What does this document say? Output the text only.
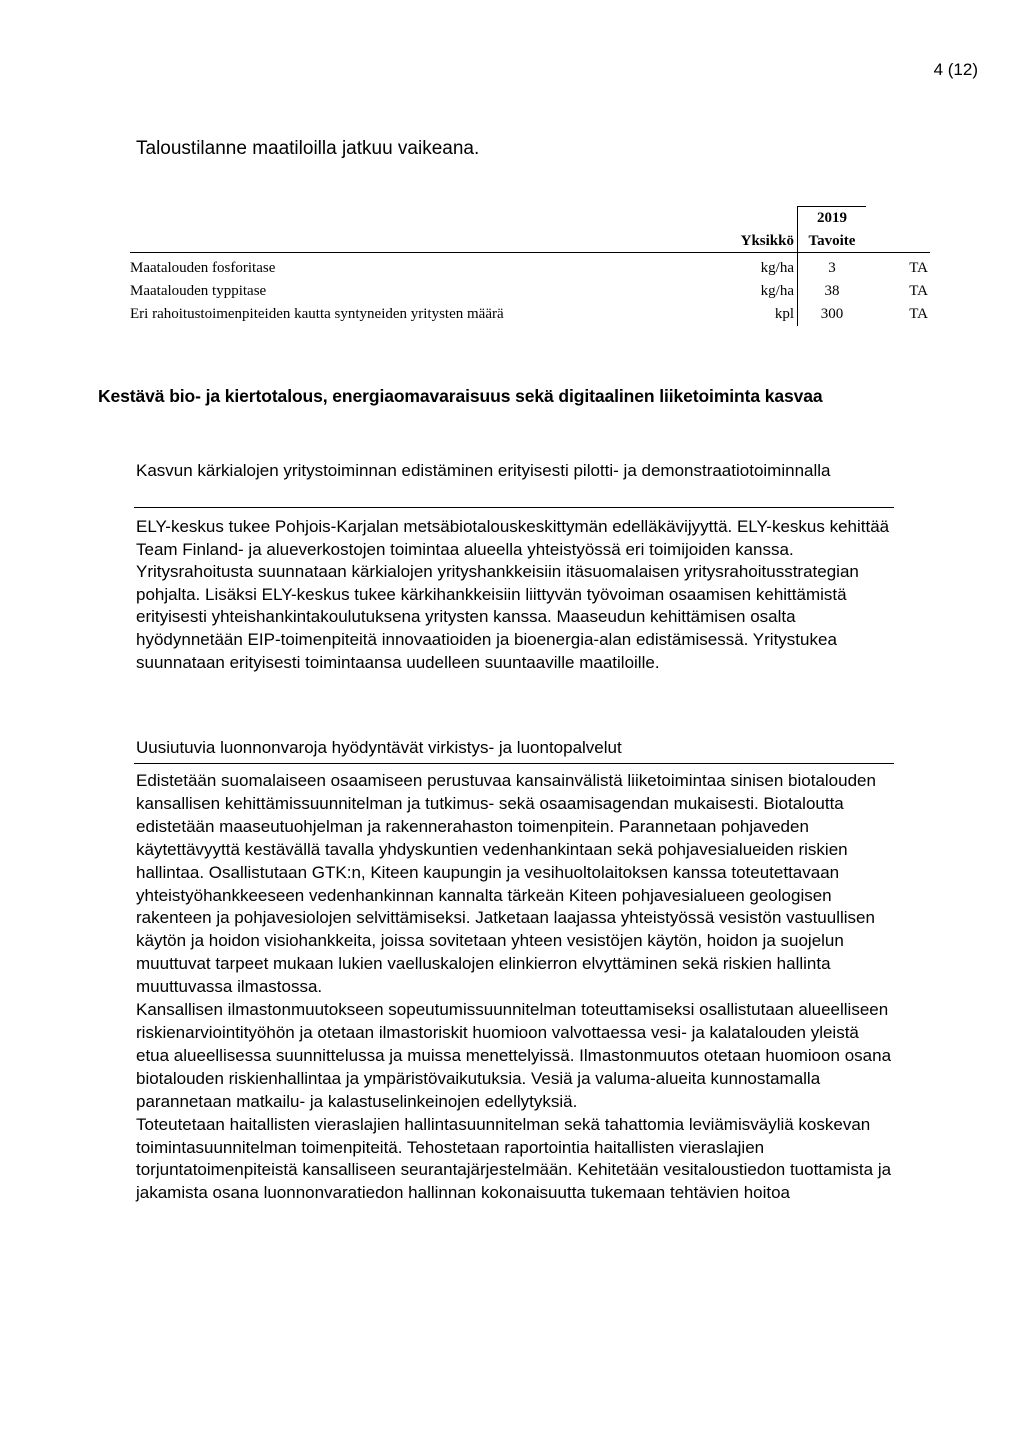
4 (12)
Taloustilanne maatiloilla jatkuu vaikeana.
		2019	
	Yksikkö	Tavoite	
Maatalouden fosforitase	kg/ha	3	TA
Maatalouden typpitase	kg/ha	38	TA
Eri rahoitustoimenpiteiden kautta syntyneiden yritysten määrä	kpl	300	TA
Kestävä bio- ja kiertotalous, energiaomavaraisuus sekä digitaalinen liiketoiminta kasvaa
Kasvun kärkialojen yritystoiminnan edistäminen erityisesti pilotti- ja demonstraatiotoiminnalla
ELY-keskus tukee Pohjois-Karjalan metsäbiotalouskeskittymän edelläkävijyyttä. ELY-keskus kehittää Team Finland- ja alueverkostojen toimintaa alueella yhteistyössä eri toimijoiden kanssa. Yritysrahoitusta suunnataan kärkialojen yrityshankkeisiin itäsuomalaisen yritysrahoitusstrategian pohjalta. Lisäksi ELY-keskus tukee kärkihankkeisiin liittyvän työvoiman osaamisen kehittämistä erityisesti yhteishankintakoulutuksena yritysten kanssa. Maaseudun kehittämisen osalta hyödynnetään EIP-toimenpiteitä innovaatioiden ja bioenergia-alan edistämisessä. Yritystukea suunnataan erityisesti toimintaansa uudelleen suuntaaville maatiloille.
Uusiutuvia luonnonvaroja hyödyntävät virkistys- ja luontopalvelut

Edistetään suomalaiseen osaamiseen perustuvaa kansainvälistä liiketoimintaa sinisen biotalouden kansallisen kehittämissuunnitelman ja tutkimus- sekä osaamisagendan mukaisesti. Biotaloutta edistetään maaseutuohjelman ja rakennerahaston toimenpitein. Parannetaan pohjaveden käytettävyyttä kestävällä tavalla yhdyskuntien vedenhankintaan sekä pohjavesialueiden riskien hallintaa. Osallistutaan GTK:n, Kiteen kaupungin ja vesihuoltolaitoksen kanssa toteutettavaan yhteistyöhankkeeseen vedenhankinnan kannalta tärkeän Kiteen pohjavesialueen geologisen rakenteen ja pohjavesiolojen selvittämiseksi. Jatketaan laajassa yhteistyössä vesistön vastuullisen käytön ja hoidon visiohankkeita, joissa sovitetaan yhteen vesistöjen käytön, hoidon ja suojelun muuttuvat tarpeet mukaan lukien vaelluskalojen elinkierron elvyttäminen sekä riskien hallinta muuttuvassa ilmastossa.

Kansallisen ilmastonmuutokseen sopeutumissuunnitelman toteuttamiseksi osallistutaan alueelliseen riskienarviointityöhön ja otetaan ilmastoriskit huomioon valvottaessa vesi- ja kalatalouden yleistä etua alueellisessa suunnittelussa ja muissa menettelyissä. Ilmastonmuutos otetaan huomioon osana biotalouden riskienhallintaa ja ympäristövaikutuksia. Vesiä ja valuma-alueita kunnostamalla parannetaan matkailu- ja kalastuselinkeinojen edellytyksiä.

Toteutetaan haitallisten vieraslajien hallintasuunnitelman sekä tahattomia leviämisväyliä koskevan toimintasuunnitelman toimenpiteitä. Tehostetaan raportointia haitallisten vieraslajien torjuntatoimenpiteistä kansalliseen seurantajärjestelmään. Kehitetään vesitaloustiedon tuottamista ja jakamista osana luonnonvaratiedon hallinnan kokonaisuutta tukemaan tehtävien hoitoa
